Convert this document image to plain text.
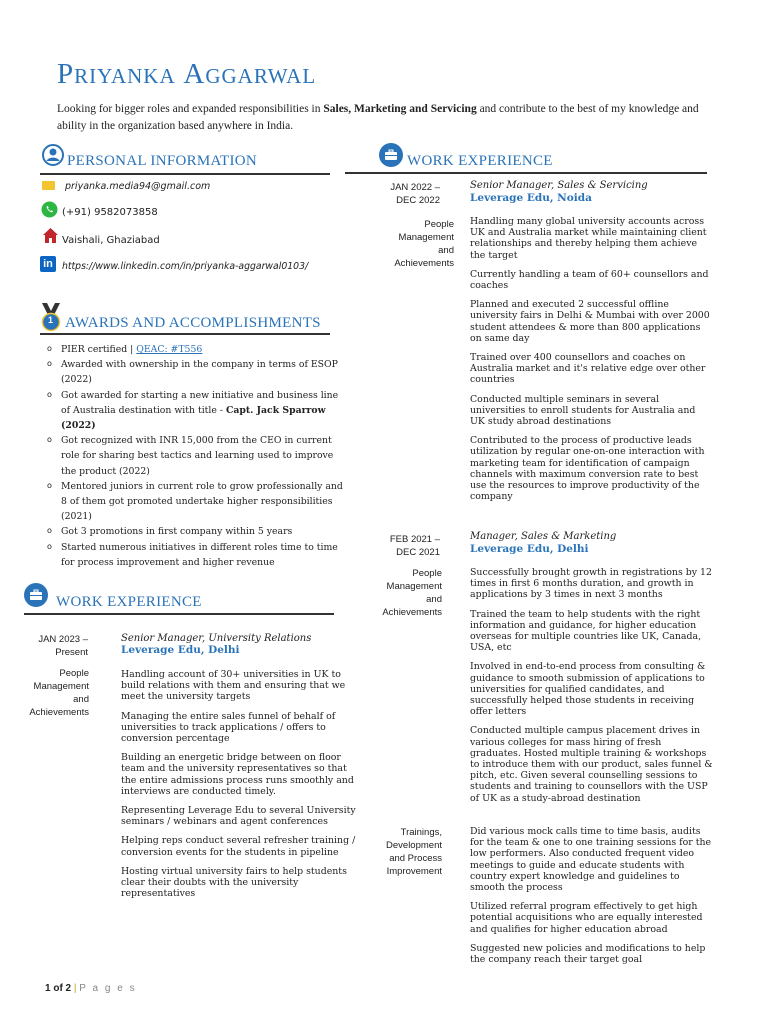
PRIYANKA AGGARWAL
Looking for bigger roles and expanded responsibilities in Sales, Marketing and Servicing and contribute to the best of my knowledge and ability in the organization based anywhere in India.
PERSONAL INFORMATION
priyanka.media94@gmail.com
(+91) 9582073858
Vaishali, Ghaziabad
in https://www.linkedin.com/in/priyanka-aggarwal0103/
1 AWARDS AND ACCOMPLISHMENTS
o PIER certified | QEAC: #T556
o Awarded with ownership in the company in terms of ESOP (2022)
o Got awarded for starting a new initiative and business line of Australia destination with title - Capt. Jack Sparrow (2022)
o Got recognized with INR 15,000 from the CEO in current role for sharing best tactics and learning used to improve the product (2022)
o Mentored juniors in current role to grow professionally and 8 of them got promoted undertake higher responsibilities (2021)
o Got 3 promotions in first company within 5 years
o Started numerous initiatives in different roles time to time for process improvement and higher revenue
WORK EXPERIENCE
JAN 2023 –
Present
People
Management
and
Achievements
Senior Manager, University Relations
Leverage Edu, Delhi

Handling account of 30+ universities in UK to build relations with them and ensuring that we meet the university targets

Managing the entire sales funnel of behalf of universities to track applications / offers to conversion percentage

Building an energetic bridge between on floor team and the university representatives so that the entire admissions process runs smoothly and interviews are conducted timely.

Representing Leverage Edu to several University seminars / webinars and agent conferences

Helping reps conduct several refresher training / conversion events for the students in pipeline

Hosting virtual university fairs to help students clear their doubts with the university representatives

WORK EXPERIENCE
JAN 2022 –
DEC 2022
People
Management
and
Achievements
Senior Manager, Sales & Servicing
Leverage Edu, Noida

Handling many global university accounts across UK and Australia market while maintaining client relationships and thereby helping them achieve the target

Currently handling a team of 60+ counsellors and coaches

Planned and executed 2 successful offline university fairs in Delhi & Mumbai with over 2000 student attendees & more than 800 applications on same day

Trained over 400 counsellors and coaches on Australia market and it's relative edge over other countries

Conducted multiple seminars in several universities to enroll students for Australia and UK study abroad destinations

Contributed to the process of productive leads utilization by regular one-on-one interaction with marketing team for identification of campaign channels with maximum conversion rate to best use the resources to improve productivity of the company

FEB 2021 –
DEC 2021
People
Management
and
Achievements
Manager, Sales & Marketing
Leverage Edu, Delhi

Successfully brought growth in registrations by 12 times in first 6 months duration, and growth in applications by 3 times in next 3 months

Trained the team to help students with the right information and guidance, for higher education overseas for multiple countries like UK, Canada, USA, etc

Involved in end-to-end process from consulting & guidance to smooth submission of applications to universities for qualified candidates, and successfully helped those students in receiving offer letters

Conducted multiple campus placement drives in various colleges for mass hiring of fresh graduates. Hosted multiple training & workshops to introduce them with our product, sales funnel & pitch, etc. Given several counselling sessions to students and training to counsellors with the USP of UK as a study-abroad destination

Trainings,
Development
and Process
Improvement

Did various mock calls time to time basis, audits for the team & one to one training sessions for the low performers. Also conducted frequent video meetings to guide and educate students with country expert knowledge and guidelines to smooth the process

Utilized referral program effectively to get high potential acquisitions who are equally interested and qualifies for higher education abroad

Suggested new policies and modifications to help the company reach their target goal

1 of 2 | P a g e s
